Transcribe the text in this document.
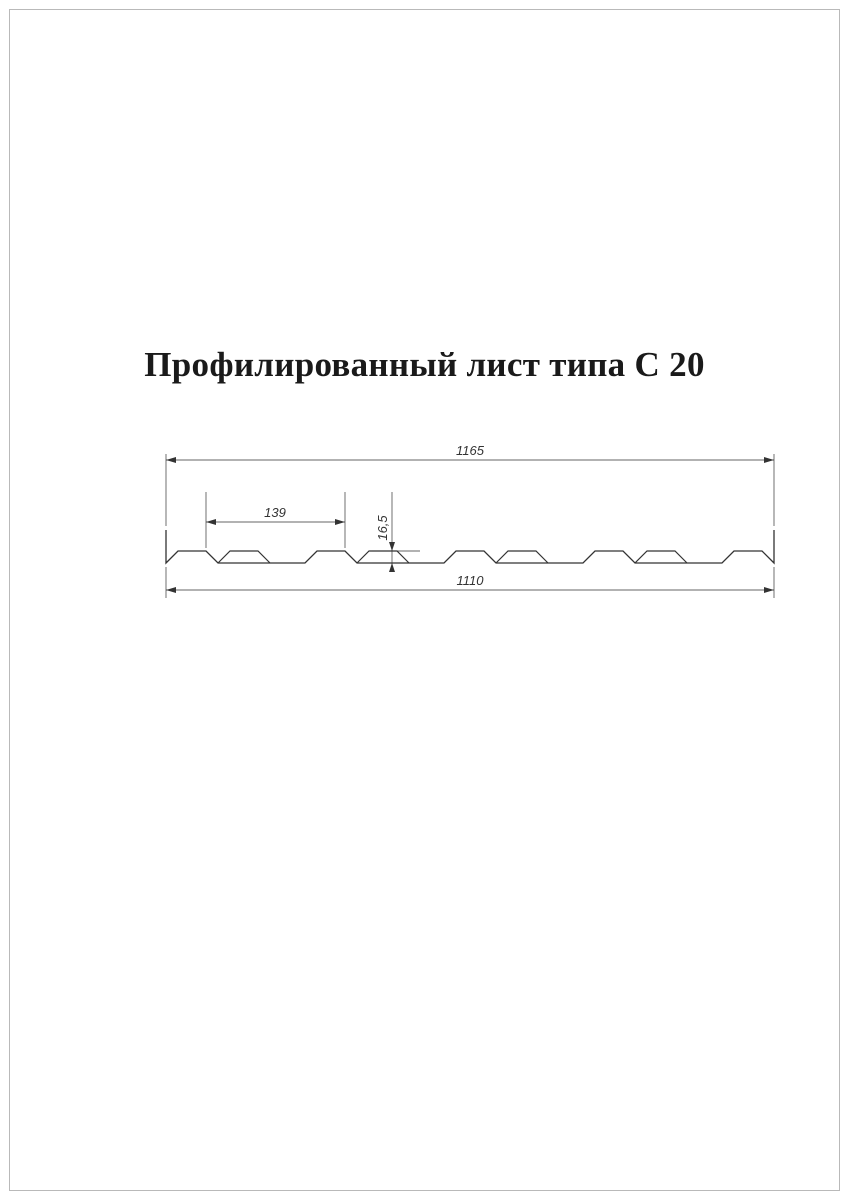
Профилированный лист типа С 20
1165
139
16,5
1110
